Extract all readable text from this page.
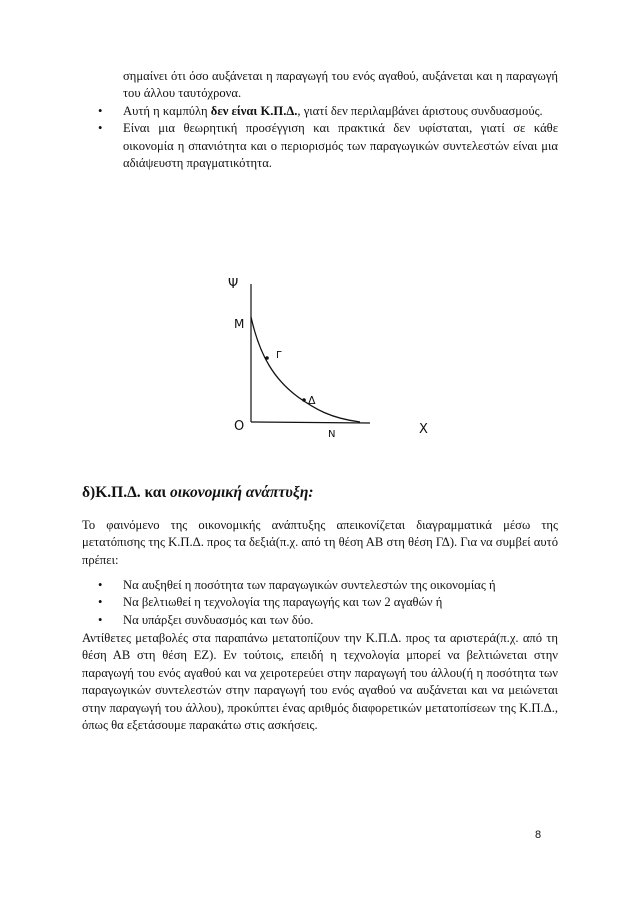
σημαίνει ότι όσο αυξάνεται η παραγωγή του ενός αγαθού, αυξάνεται και η παραγωγή του άλλου ταυτόχρονα.
• Αυτή η καμπύλη δεν είναι Κ.Π.Δ., γιατί δεν περιλαμβάνει άριστους συνδυασμούς.
• Είναι μια θεωρητική προσέγγιση και πρακτικά δεν υφίσταται, γιατί σε κάθε οικονομία η σπανιότητα και ο περιορισμός των παραγωγικών συντελεστών είναι μια αδιάψευστη πραγματικότητα.
Ψ
Μ
Γ
Δ
Ο
Ν	Χ
δ)Κ.Π.Δ. και οικονομική ανάπτυξη:
Το φαινόμενο της οικονομικής ανάπτυξης απεικονίζεται διαγραμματικά μέσω της μετατόπισης της Κ.Π.Δ. προς τα δεξιά(π.χ. από τη θέση ΑΒ στη θέση ΓΔ). Για να συμβεί αυτό πρέπει:
• Να αυξηθεί η ποσότητα των παραγωγικών συντελεστών της οικονομίας ή
• Να βελτιωθεί η τεχνολογία της παραγωγής και των 2 αγαθών ή
• Να υπάρξει συνδυασμός και των δύο.
Αντίθετες μεταβολές στα παραπάνω μετατοπίζουν την Κ.Π.Δ. προς τα αριστερά(π.χ. από τη θέση ΑΒ στη θέση ΕΖ). Εν τούτοις, επειδή η τεχνολογία μπορεί να βελτιώνεται στην παραγωγή του ενός αγαθού και να χειροτερεύει στην παραγωγή του άλλου(ή η ποσότητα των παραγωγικών συντελεστών στην παραγωγή του ενός αγαθού να αυξάνεται και να μειώνεται στην παραγωγή του άλλου), προκύπτει ένας αριθμός διαφορετικών μετατοπίσεων της Κ.Π.Δ., όπως θα εξετάσουμε παρακάτω στις ασκήσεις.
8
